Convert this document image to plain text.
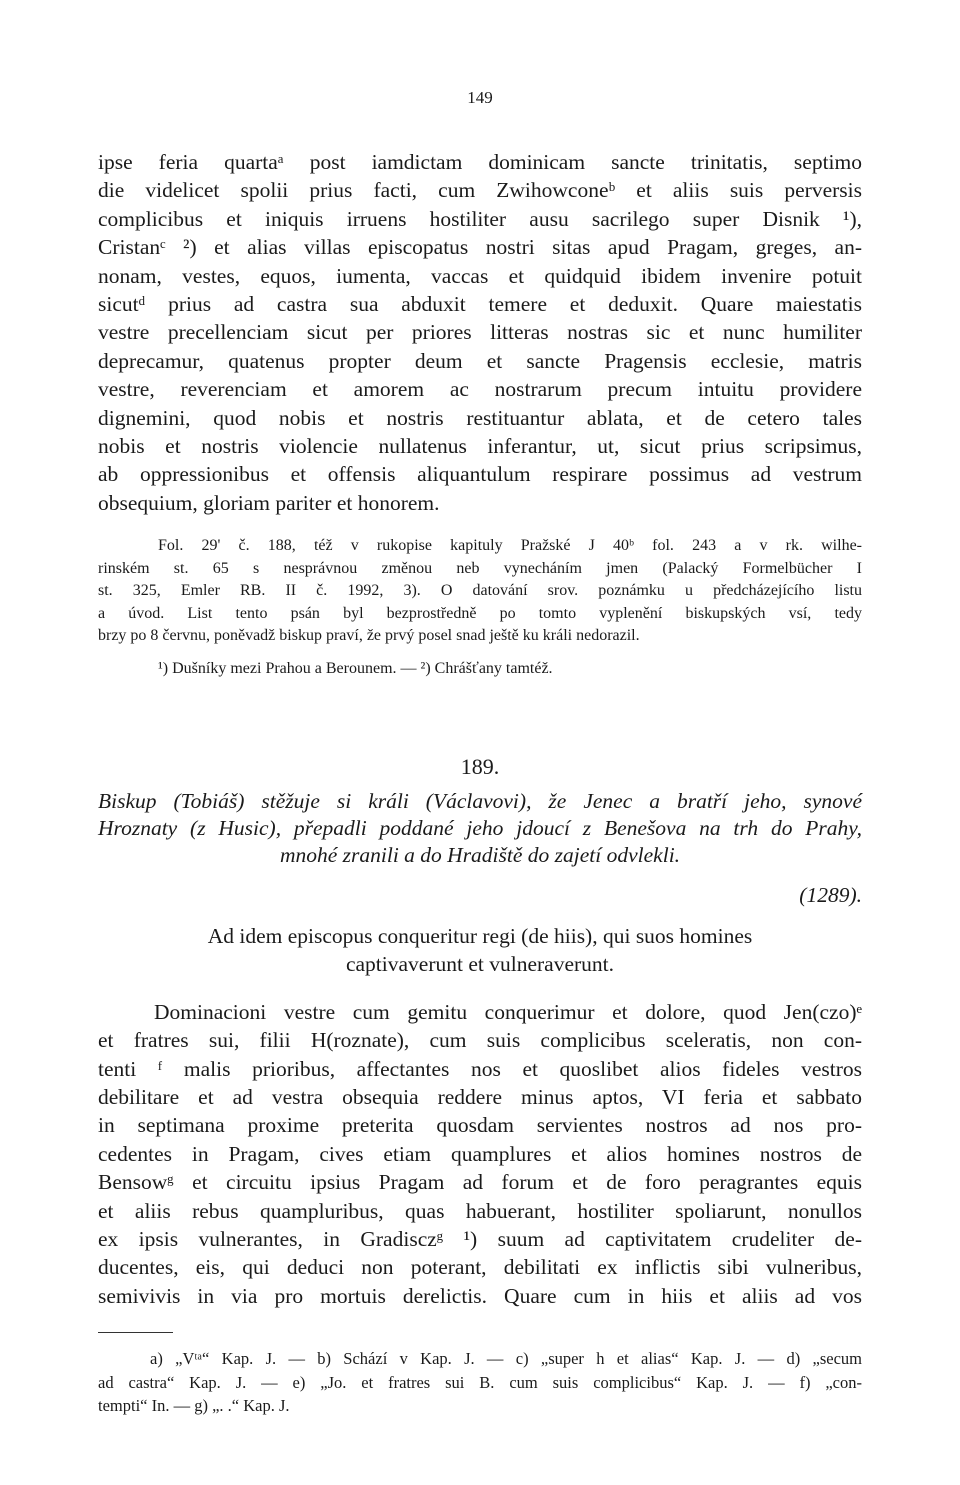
149
ipse feria quartaᵃ post iamdictam dominicam sancte trinitatis, septimo
die videlicet spolii prius facti, cum Zwihowconeᵇ et aliis suis perversis
complicibus et iniquis irruens hostiliter ausu sacrilego super Disnik ¹),
Cristanᶜ ²) et alias villas episcopatus nostri sitas apud Pragam, greges, an-
nonam, vestes, equos, iumenta, vaccas et quidquid ibidem invenire potuit
sicutᵈ prius ad castra sua abduxit temere et deduxit. Quare maiestatis
vestre precellenciam sicut per priores litteras nostras sic et nunc humiliter
deprecamur, quatenus propter deum et sancte Pragensis ecclesie, matris
vestre, reverenciam et amorem ac nostrarum precum intuitu providere
dignemini, quod nobis et nostris restituantur ablata, et de cetero tales
nobis et nostris violencie nullatenus inferantur, ut, sicut prius scripsimus,
ab oppressionibus et offensis aliquantulum respirare possimus ad vestrum
obsequium, gloriam pariter et honorem.
Fol. 29' č. 188, též v rukopise kapituly Pražské J 40ᵇ fol. 243 a v rk. wilhe-
rinském st. 65 s nesprávnou změnou neb vynecháním jmen (Palacký Formelbücher I
st. 325, Emler RB. II č. 1992, 3). O datování srov. poznámku u předcházejícího listu
a úvod. List tento psán byl bezprostředně po tomto vyplenění biskupských vsí, tedy
brzy po 8 červnu, poněvadž biskup praví, že prvý posel snad ještě ku králi nedorazil.
¹) Dušníky mezi Prahou a Berounem. — ²) Chrášťany tamtéž.
189.
Biskup (Tobiáš) stěžuje si králi (Václavovi), že Jenec a bratří jeho, synové
Hroznaty (z Husic), přepadli poddané jeho jdoucí z Benešova na trh do Prahy,
mnohé zranili a do Hradiště do zajetí odvlekli.
(1289).
Ad idem episcopus conqueritur regi (de hiis), qui suos homines
captivaverunt et vulneraverunt.
Dominacioni vestre cum gemitu conquerimur et dolore, quod Jen(czo)ᵉ
et fratres sui, filii H(roznate), cum suis complicibus sceleratis, non con-
tenti ᶠ malis prioribus, affectantes nos et quoslibet alios fideles vestros
debilitare et ad vestra obsequia reddere minus aptos, VI feria et sabbato
in septimana proxime preterita quosdam servientes nostros ad nos pro-
cedentes in Pragam, cives etiam quamplures et alios homines nostros de
Bensowᵍ et circuitu ipsius Pragam ad forum et de foro peragrantes equis
et aliis rebus quampluribus, quas habuerant, hostiliter spoliarunt, nonullos
ex ipsis vulnerantes, in Gradisczᵍ ¹) suum ad captivitatem crudeliter de-
ducentes, eis, qui deduci non poterant, debilitati ex inflictis sibi vulneribus,
semivivis in via pro mortuis derelictis. Quare cum in hiis et aliis ad vos
a) „Vᵗᵃ“ Kap. J. — b) Schází v Kap. J. — c) „super h et alias“ Kap. J. — d) „secum
ad castra“ Kap. J. — e) „Jo. et fratres sui B. cum suis complicibus“ Kap. J. — f) „con-
tempti“ In. — g) „. .“ Kap. J.
